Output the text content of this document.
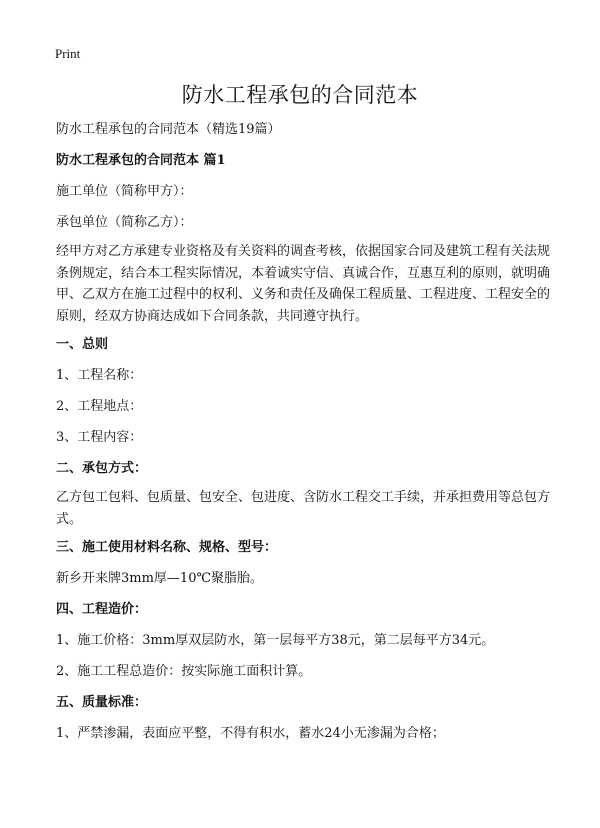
Print
防水工程承包的合同范本

防水工程承包的合同范本（精选19篇）

防水工程承包的合同范本 篇1

施工单位（简称甲方）：

承包单位（简称乙方）：

经甲方对乙方承建专业资格及有关资料的调查考核，依据国家合同及建筑工程有关法规条例规定，结合本工程实际情况，本着诚实守信、真诚合作，互惠互利的原则，就明确甲、乙双方在施工过程中的权利、义务和责任及确保工程质量、工程进度、工程安全的原则，经双方协商达成如下合同条款，共同遵守执行。

一、总则

1、工程名称：

2、工程地点：

3、工程内容：

二、承包方式：

乙方包工包料、包质量、包安全、包进度、含防水工程交工手续，并承担费用等总包方式。

三、施工使用材料名称、规格、型号：

新乡开来牌3mm厚—10℃聚脂胎。

四、工程造价：

1、施工价格：3mm厚双层防水，第一层每平方38元，第二层每平方34元。

2、施工工程总造价：按实际施工面积计算。

五、质量标准：

1、严禁渗漏，表面应平整，不得有积水，蓄水24小无渗漏为合格；
